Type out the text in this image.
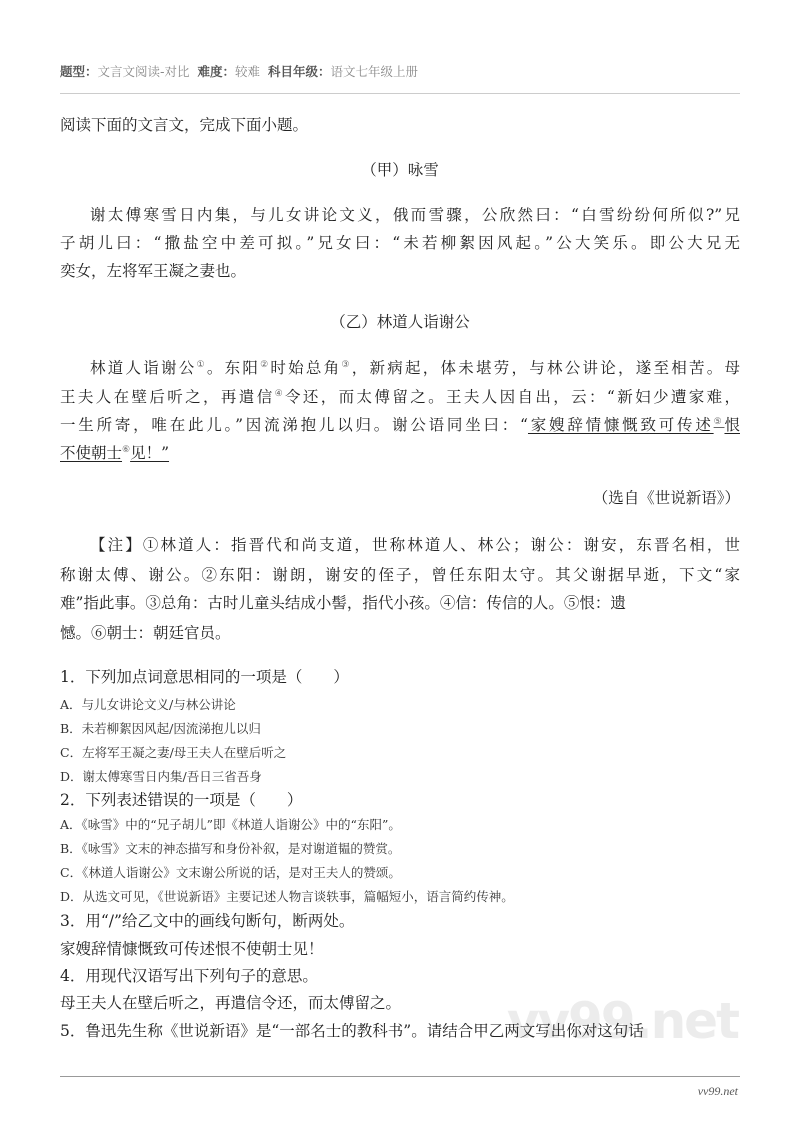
题型：文言文阅读-对比 难度：较难 科目年级：语文七年级上册
阅读下面的文言文，完成下面小题。
（甲）咏雪
谢太傅寒雪日内集，与儿女讲论文义，俄而雪骤，公欣然曰：“白雪纷纷何所似?”兄
子胡儿曰：“撒盐空中差可拟。”兄女曰：“未若柳絮因风起。”公大笑乐。即公大兄无
奕女，左将军王凝之妻也。
（乙）林道人诣谢公
林道人诣谢公①。东阳②时始总角③，新病起，体未堪劳，与林公讲论，遂至相苦。母
王夫人在壁后听之，再遣信④令还，而太傅留之。王夫人因自出，云：“新妇少遭家难，
一生所寄，唯在此儿。”因流涕抱儿以归。谢公语同坐曰：“家嫂辞情慷慨致可传述⑤恨
不使朝士⑥见！”
（选自《世说新语》）
【注】①林道人：指晋代和尚支道，世称林道人、林公；谢公：谢安，东晋名相，世
称谢太傅、谢公。②东阳：谢朗，谢安的侄子，曾任东阳太守。其父谢据早逝，下文“家
难”指此事。③总角：古时儿童头结成小髻，指代小孩。④信：传信的人。⑤恨：遗
憾。⑥朝士：朝廷官员。
1．下列加点词意思相同的一项是（　　）
A．与儿女讲论文义/与林公讲论
B．未若柳絮因风起/因流涕抱儿以归
C．左将军王凝之妻/母王夫人在壁后听之
D．谢太傅寒雪日内集/吾日三省吾身
2．下列表述错误的一项是（　　）
A．《咏雪》中的“兄子胡儿”即《林道人诣谢公》中的“东阳”。
B．《咏雪》文末的神态描写和身份补叙，是对谢道韫的赞赏。
C．《林道人诣谢公》文末谢公所说的话，是对王夫人的赞颂。
D．从选文可见，《世说新语》主要记述人物言谈轶事，篇幅短小，语言简约传神。
vv99.net
3．用“/”给乙文中的画线句断句，断两处。
家嫂辞情慷慨致可传述恨不使朝士见！
4．用现代汉语写出下列句子的意思。
母王夫人在壁后听之，再遣信令还，而太傅留之。
5．鲁迅先生称《世说新语》是“一部名士的教科书”。请结合甲乙两文写出你对这句话
vv99.net
